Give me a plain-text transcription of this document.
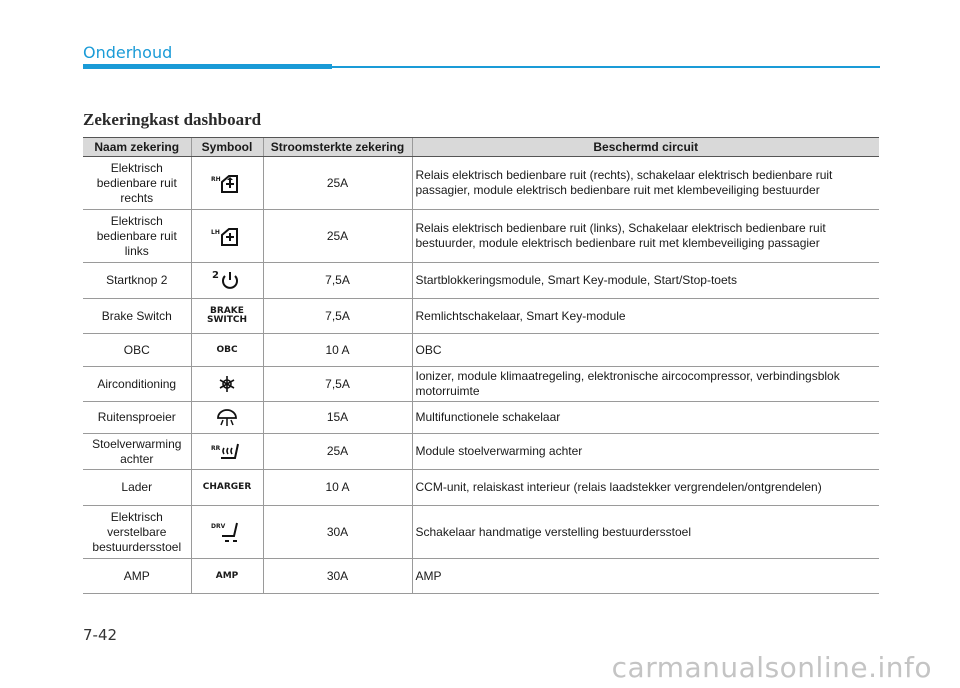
Onderhoud
Zekeringkast dashboard
Naam zekering	Symbool	Stroomsterkte zekering	Beschermd circuit
Elektrisch bedienbare ruit rechts	RH	25A	Relais elektrisch bedienbare ruit (rechts), schakelaar elektrisch bedienbare ruit passagier, module elektrisch bedienbare ruit met klembeveiliging bestuurder
Elektrisch bedienbare ruit links	LH	25A	Relais elektrisch bedienbare ruit (links), Schakelaar elektrisch bedienbare ruit bestuurder, module elektrisch bedienbare ruit met klembeveiliging passagier
Startknop 2	2	7,5A	Startblokkeringsmodule, Smart Key-module, Start/Stop-toets
Brake Switch	BRAKE SWITCH	7,5A	Remlichtschakelaar, Smart Key-module
OBC	OBC	10 A	OBC
Airconditioning		7,5A	Ionizer, module klimaatregeling, elektronische aircocompressor, verbindingsblok motorruimte
Ruitensproeier		15A	Multifunctionele schakelaar
Stoelverwarming achter	RR	25A	Module stoelverwarming achter
Lader	CHARGER	10 A	CCM-unit, relaiskast interieur (relais laadstekker vergrendelen/ontgrendelen)
Elektrisch verstelbare bestuurdersstoel	DRV	30A	Schakelaar handmatige verstelling bestuurdersstoel
AMP	AMP	30A	AMP
7-42
carmanualsonline.info
